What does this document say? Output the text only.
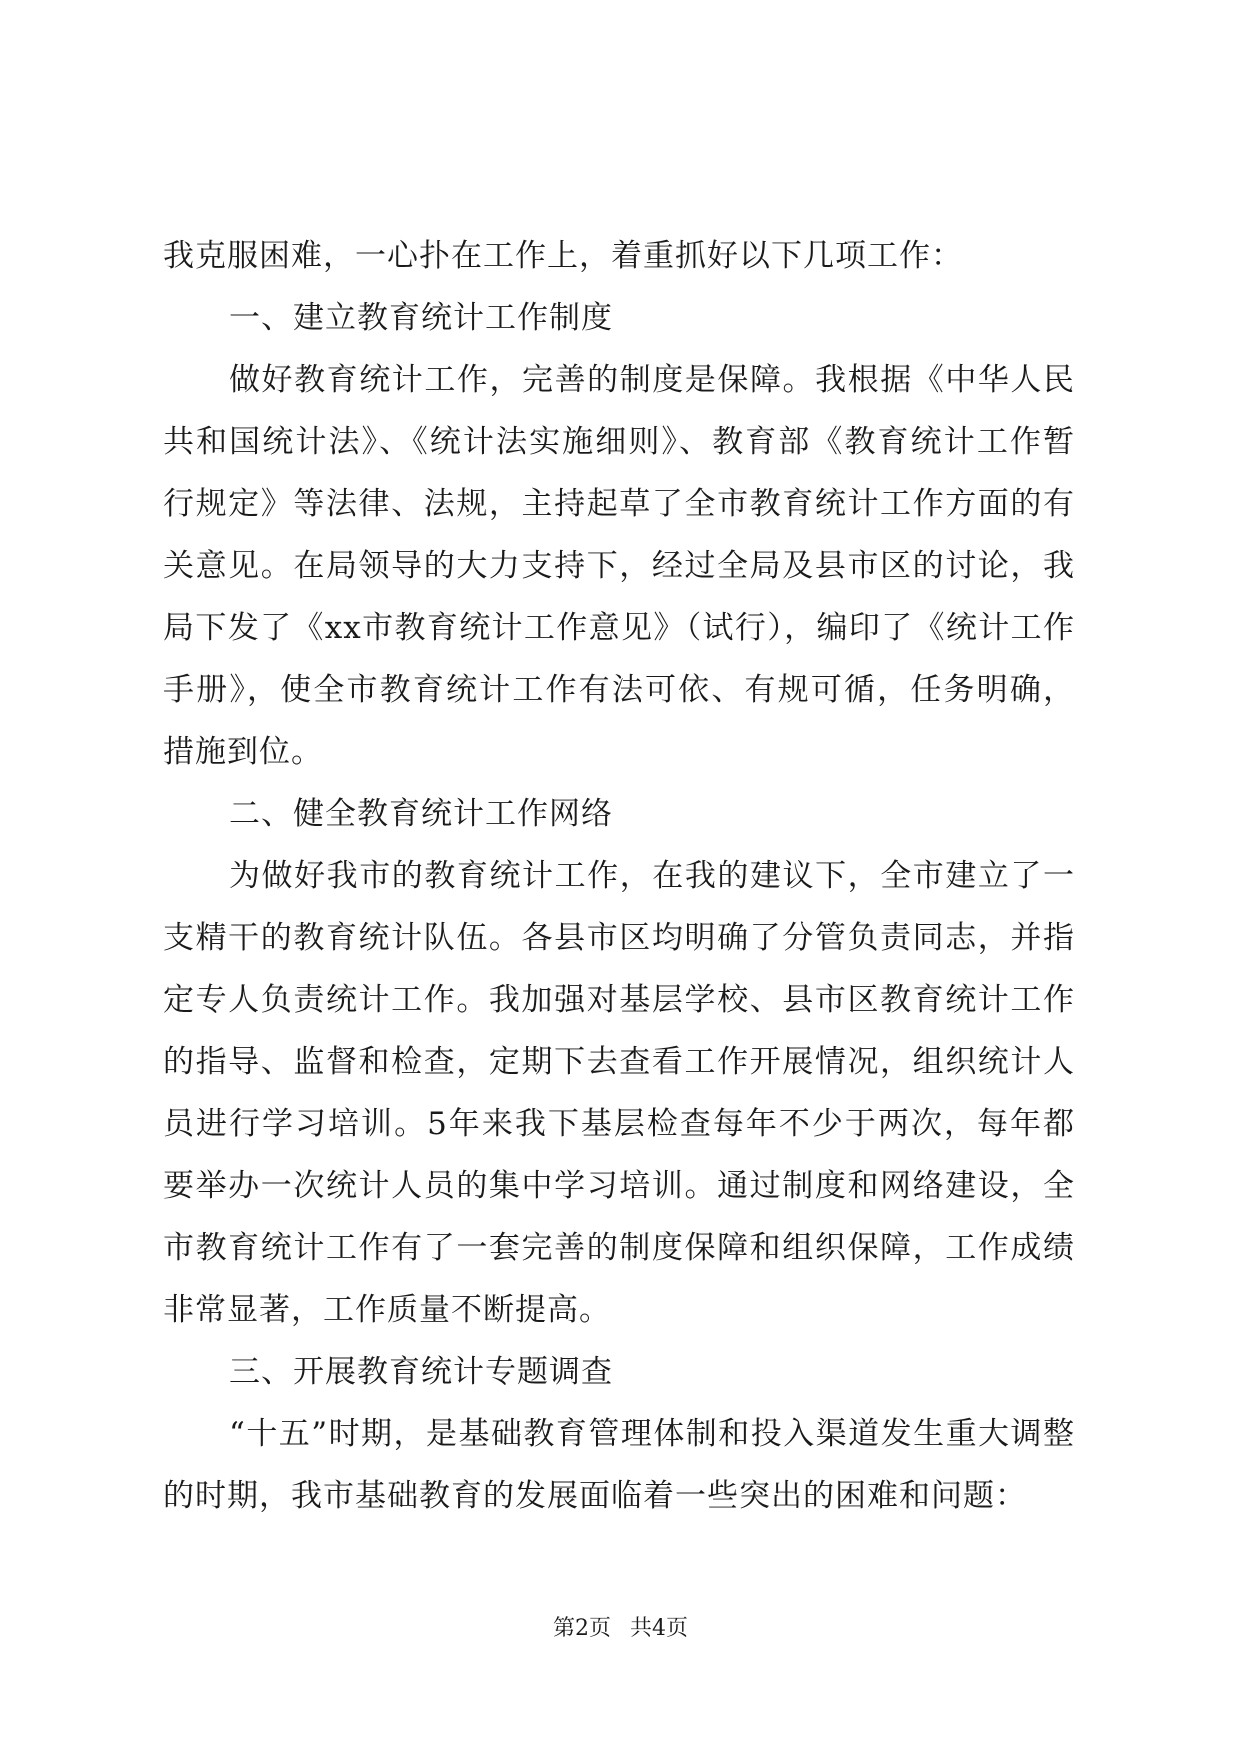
我克服困难，一心扑在工作上，着重抓好以下几项工作：

一、建立教育统计工作制度

做好教育统计工作，完善的制度是保障。我根据《中华人民共和国统计法》、《统计法实施细则》、教育部《教育统计工作暂行规定》等法律、法规，主持起草了全市教育统计工作方面的有关意见。在局领导的大力支持下，经过全局及县市区的讨论，我局下发了《xx市教育统计工作意见》（试行），编印了《统计工作手册》，使全市教育统计工作有法可依、有规可循，任务明确，措施到位。

二、健全教育统计工作网络

为做好我市的教育统计工作，在我的建议下，全市建立了一支精干的教育统计队伍。各县市区均明确了分管负责同志，并指定专人负责统计工作。我加强对基层学校、县市区教育统计工作的指导、监督和检查，定期下去查看工作开展情况，组织统计人员进行学习培训。5年来我下基层检查每年不少于两次，每年都要举办一次统计人员的集中学习培训。通过制度和网络建设，全市教育统计工作有了一套完善的制度保障和组织保障，工作成绩非常显著，工作质量不断提高。

三、开展教育统计专题调查

“十五”时期，是基础教育管理体制和投入渠道发生重大调整的时期，我市基础教育的发展面临着一些突出的困难和问题：

第2页 共4页
